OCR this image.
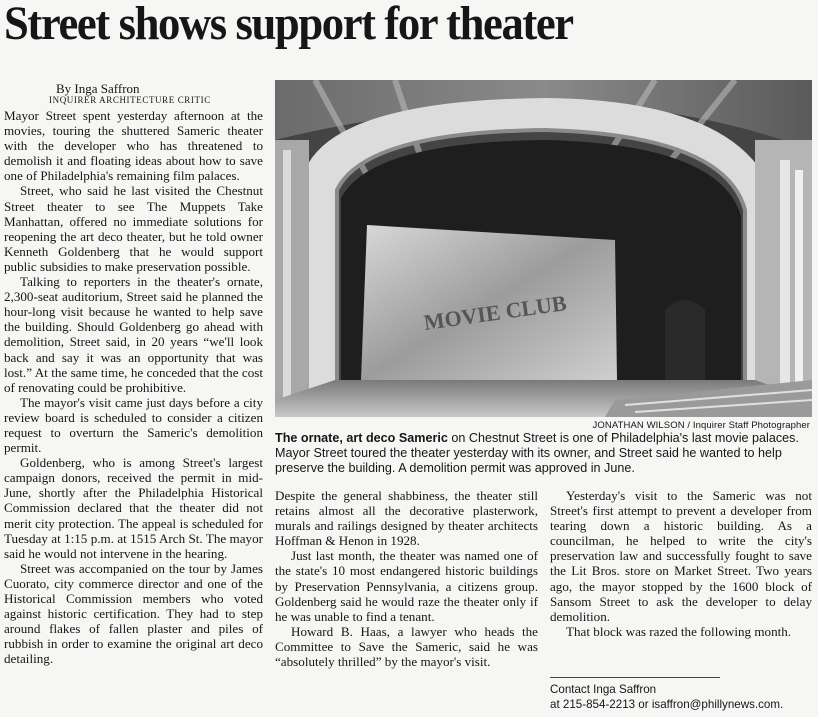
Street shows support for theater
By Inga Saffron
INQUIRER ARCHITECTURE CRITIC

Mayor Street spent yesterday afternoon at the movies, touring the shuttered Sameric theater with the developer who has threatened to demolish it and floating ideas about how to save one of Philadelphia's remaining film palaces.

Street, who said he last visited the Chestnut Street theater to see The Muppets Take Manhattan, offered no immediate solutions for reopening the art deco theater, but he told owner Kenneth Goldenberg that he would support public subsidies to make preservation possible.

Talking to reporters in the theater's ornate, 2,300-seat auditorium, Street said he planned the hour-long visit because he wanted to help save the building. Should Goldenberg go ahead with demolition, Street said, in 20 years “we'll look back and say it was an opportunity that was lost.” At the same time, he conceded that the cost of renovating could be prohibitive.

The mayor's visit came just days before a city review board is scheduled to consider a citizen request to overturn the Sameric's demolition permit.

Goldenberg, who is among Street's largest campaign donors, received the permit in mid-June, shortly after the Philadelphia Historical Commission declared that the theater did not merit city protection. The appeal is scheduled for Tuesday at 1:15 p.m. at 1515 Arch St. The mayor said he would not intervene in the hearing.

Street was accompanied on the tour by James Cuorato, city commerce director and one of the Historical Commission members who voted against historic certification. They had to step around flakes of fallen plaster and piles of rubbish in order to examine the original art deco detailing.

MOVIE CLUB
JONATHAN WILSON / Inquirer Staff Photographer
The ornate, art deco Sameric on Chestnut Street is one of Philadelphia's last movie palaces. Mayor Street toured the theater yesterday with its owner, and Street said he wanted to help preserve the building. A demolition permit was approved in June.

Despite the general shabbiness, the theater still retains almost all the decorative plasterwork, murals and railings designed by theater architects Hoffman & Henon in 1928.

Just last month, the theater was named one of the state's 10 most endangered historic buildings by Preservation Pennsylvania, a citizens group. Goldenberg said he would raze the theater only if he was unable to find a tenant.

Howard B. Haas, a lawyer who heads the Committee to Save the Sameric, said he was “absolutely thrilled” by the mayor's visit.

Yesterday's visit to the Sameric was not Street's first attempt to prevent a developer from tearing down a historic building. As a councilman, he helped to write the city's preservation law and successfully fought to save the Lit Bros. store on Market Street. Two years ago, the mayor stopped by the 1600 block of Sansom Street to ask the developer to delay demolition.

That block was razed the following month.

Contact Inga Saffron
at 215-854-2213 or isaffron@phillynews.com.
